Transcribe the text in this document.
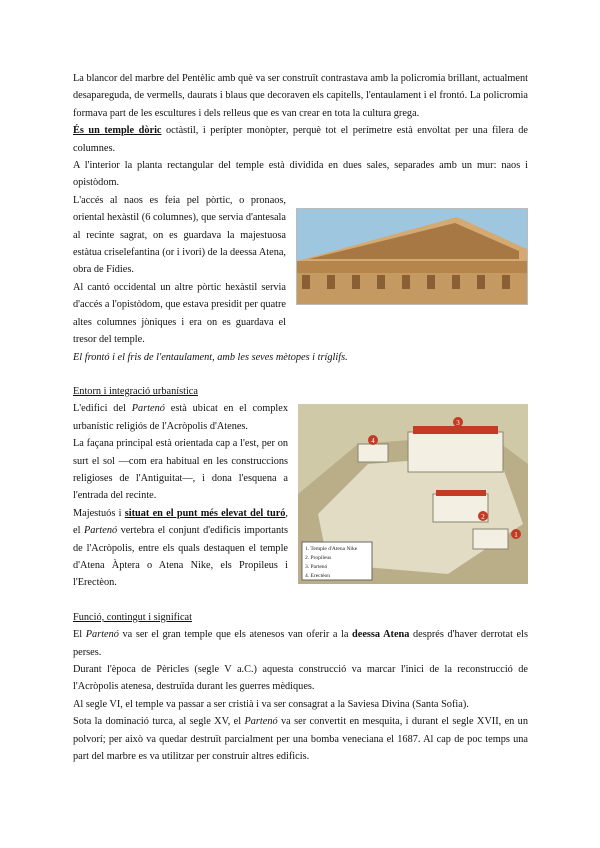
La blancor del marbre del Pentèlic amb què va ser construït contrastava amb la policromia brillant, actualment desapareguda, de vermells, daurats i blaus que decoraven els capitells, l'entaulament i el frontó. La policromia formava part de les escultures i dels relleus que es van crear en tota la cultura grega.

És un temple dòric octàstil, i perípter monòpter, perquè tot el perímetre està envoltat per una filera de columnes.

A l'interior la planta rectangular del temple està dividida en dues sales, separades amb un mur: naos i opistòdom.

L'accés al naos es feia pel pòrtic, o pronaos, oriental hexàstil (6 columnes), que servia d'antesala al recinte sagrat, on es guardava la majestuosa estàtua criselefantina (or i ivori) de la deessa Atena, obra de Fídies.

Al cantó occidental un altre pòrtic hexàstil servia d'accés a l'opistòdom, que estava presidit per quatre altes columnes jòniques i era on es guardava el tresor del temple.

El frontó i el fris de l'entaulament, amb les seves mètopes i tríglifs.

Entorn i integració urbanística

L'edifici del Partenó està ubicat en el complex urbanístic religiós de l'Acròpolis d'Atenes.

La façana principal està orientada cap a l'est, per on surt el sol —com era habitual en les construccions religioses de l'Antiguitat—, i dona l'esquena a l'entrada del recinte.

Majestuós i situat en el punt més elevat del turó, el Partenó vertebra el conjunt d'edificis importants de l'Acròpolis, entre els quals destaquen el temple d'Atena Àptera o Atena Nike, els Propileus i l'Erectèon.

4
3
2
1
1. Temple d'Atena Nike
2. Propileus
3. Partenó
4. Erectèon

Funció, contingut i significat

El Partenó va ser el gran temple que els atenesos van oferir a la deessa Atena després d'haver derrotat els perses.

Durant l'època de Pèricles (segle V a.C.) aquesta construcció va marcar l'inici de la reconstrucció de l'Acròpolis atenesa, destruïda durant les guerres mèdiques.

Al segle VI, el temple va passar a ser cristià i va ser consagrat a la Saviesa Divina (Santa Sofia).

Sota la dominació turca, al segle XV, el Partenó va ser convertit en mesquita, i durant el segle XVII, en un polvorí; per això va quedar destruït parcialment per una bomba veneciana el 1687. Al cap de poc temps una part del marbre es va utilitzar per construir altres edificis.
